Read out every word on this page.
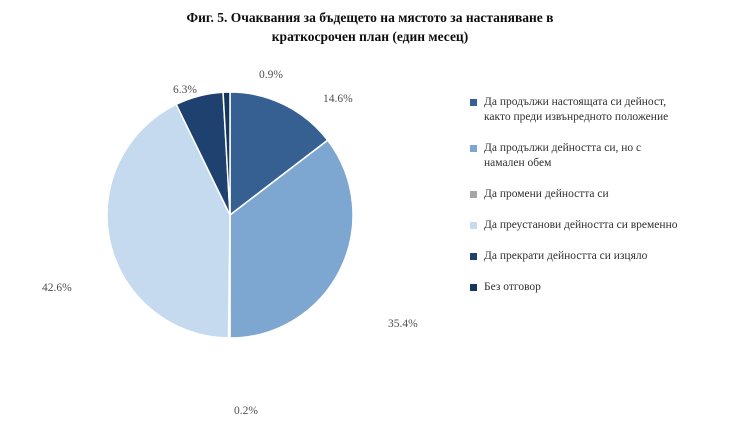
Фиг. 5. Очаквания за бъдещето на мястото за настаняване в
краткосрочен план (един месец)
0.9%
6.3%
14.6%
35.4%
0.2%
42.6%
Да продължи настоящата си дейност,
както преди извънредното положение
Да продължи дейността си, но с
намален обем
Да промени дейността си
Да преустанови дейността си временно
Да прекрати дейността си изцяло
Без отговор
